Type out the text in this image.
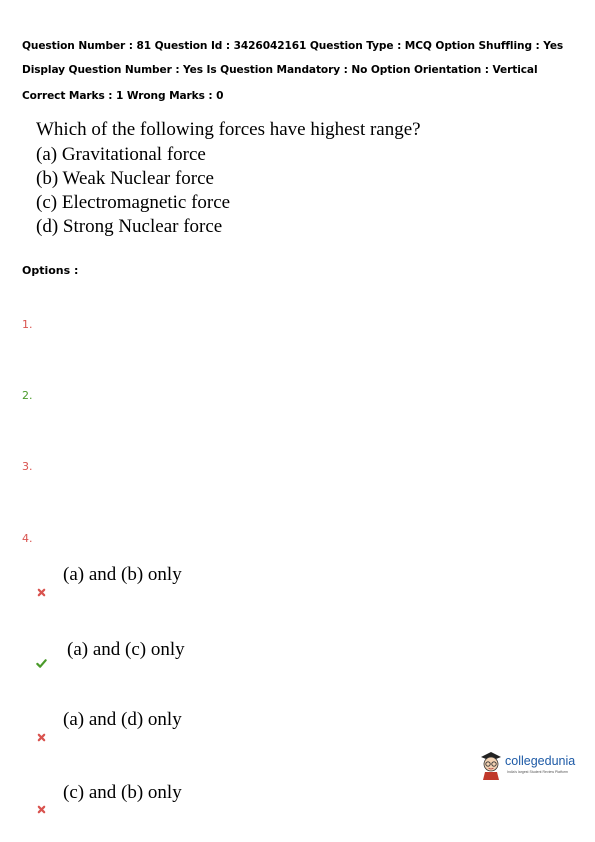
Question Number : 81 Question Id : 3426042161 Question Type : MCQ Option Shuffling : Yes
Display Question Number : Yes Is Question Mandatory : No Option Orientation : Vertical
Correct Marks : 1 Wrong Marks : 0
Which of the following forces have highest range?
(a) Gravitational force
(b) Weak Nuclear force
(c) Electromagnetic force
(d) Strong Nuclear force
Options :
1.
2.
3.
4.
(a) and (b) only
(a) and (c) only
(a) and (d) only
(c) and (b) only
collegedunia
India's largest Student Review Platform
